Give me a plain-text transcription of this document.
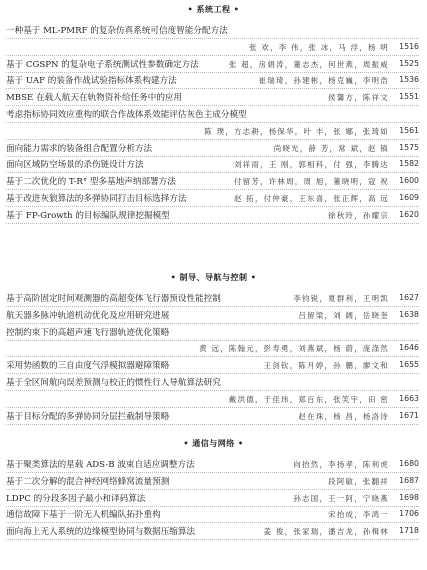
• 系统工程 •
一种基于 ML-PMRF 的复杂仿真系统可信度智能分配方法
张 欢，李 伟，张 冰，马 浮，杨 明	1516
基于 CGSPN 的复杂电子系统测试性参数确定方法	张 超，房娟涛，董志杰，何世燕，周振威	1525
基于 UAF 的装备作战试验指标体系构建方法	崔瑞琦，孙建彬，杨克巍，李明浩	1536
MBSE 在载人航天在轨物资补给任务中的应用	侯馨方，陈祥文	1551
考虑指标协同效应重构的联合作战体系效能评估灰色主成分模型
陈 璞，方志耕，杨保华，叶 丰，张 娜，张琦如	1561
面向能力需求的装备组合配置分析方法	尚晓光，薛 芳，常 斌，赵 镇	1575
面向区域防空场景的杀伤链设计方法	刘祥雨，王 刚，郭相科，付 强，李腾达	1582
基于二次优化的 T-R° 型多基地声纳部署方法	付留芳，许林周，周 旭，董晓明，寇 祝	1600
基于改进灰狼算法的多弹协同打击目标选择方法	赵 拓，付仲豪，王东喜，张正辉，高 远	1609
基于 FP-Growth 的目标编队规律挖掘模型	徐秋玲，孙耀宗	1620
• 制导、导航与控制 •
基于高阶固定时间观测器的高超变体飞行器预设性能控制	李钧锐，夏群利，王明凯	1627
航天器多脉冲轨道机动优化及应用研究进展	吕留梁，刘 阔，岳晓奎	1638
控制约束下的高超声速飞行器轨迹优化策略
黄 远，陈翰元，彭寿勇，刘燕斌，杨 蔚，庞涤然	1646
采用势函数的三自由度气浮模拟器避障策略	王剑钦，陈月婷，孙 鹏，廖文和	1655
基于全区间航向误差预测与校正的惯性行人导航算法研究
戴洪德，于佳玮，郑百东，张笑宇，田 密	1663
基于目标分配的多弹协同分层拦截制导策略	赵在珠，杨 昌，杨洛诗	1671
• 通信与网络 •
基于聚类算法的星载 ADS-B 波束自适应调整方法	向抬然，李扬孝，陈利虎	1680
基于二次分解的混合神经网络蜂窝流量预测	段阿敏，张翻祥	1687
LDPC 的分段多因子最小和译码算法	孙志国，王一阿，宁晓燕	1698
通信故障下基于一阶无人机编队拓扑重构	宋抬成，李鸿一	1706
面向海上无人系统的边缘模型协同与数据压缩算法	姜 俊，张家瑞，潘吉龙，孙楫林	1718
